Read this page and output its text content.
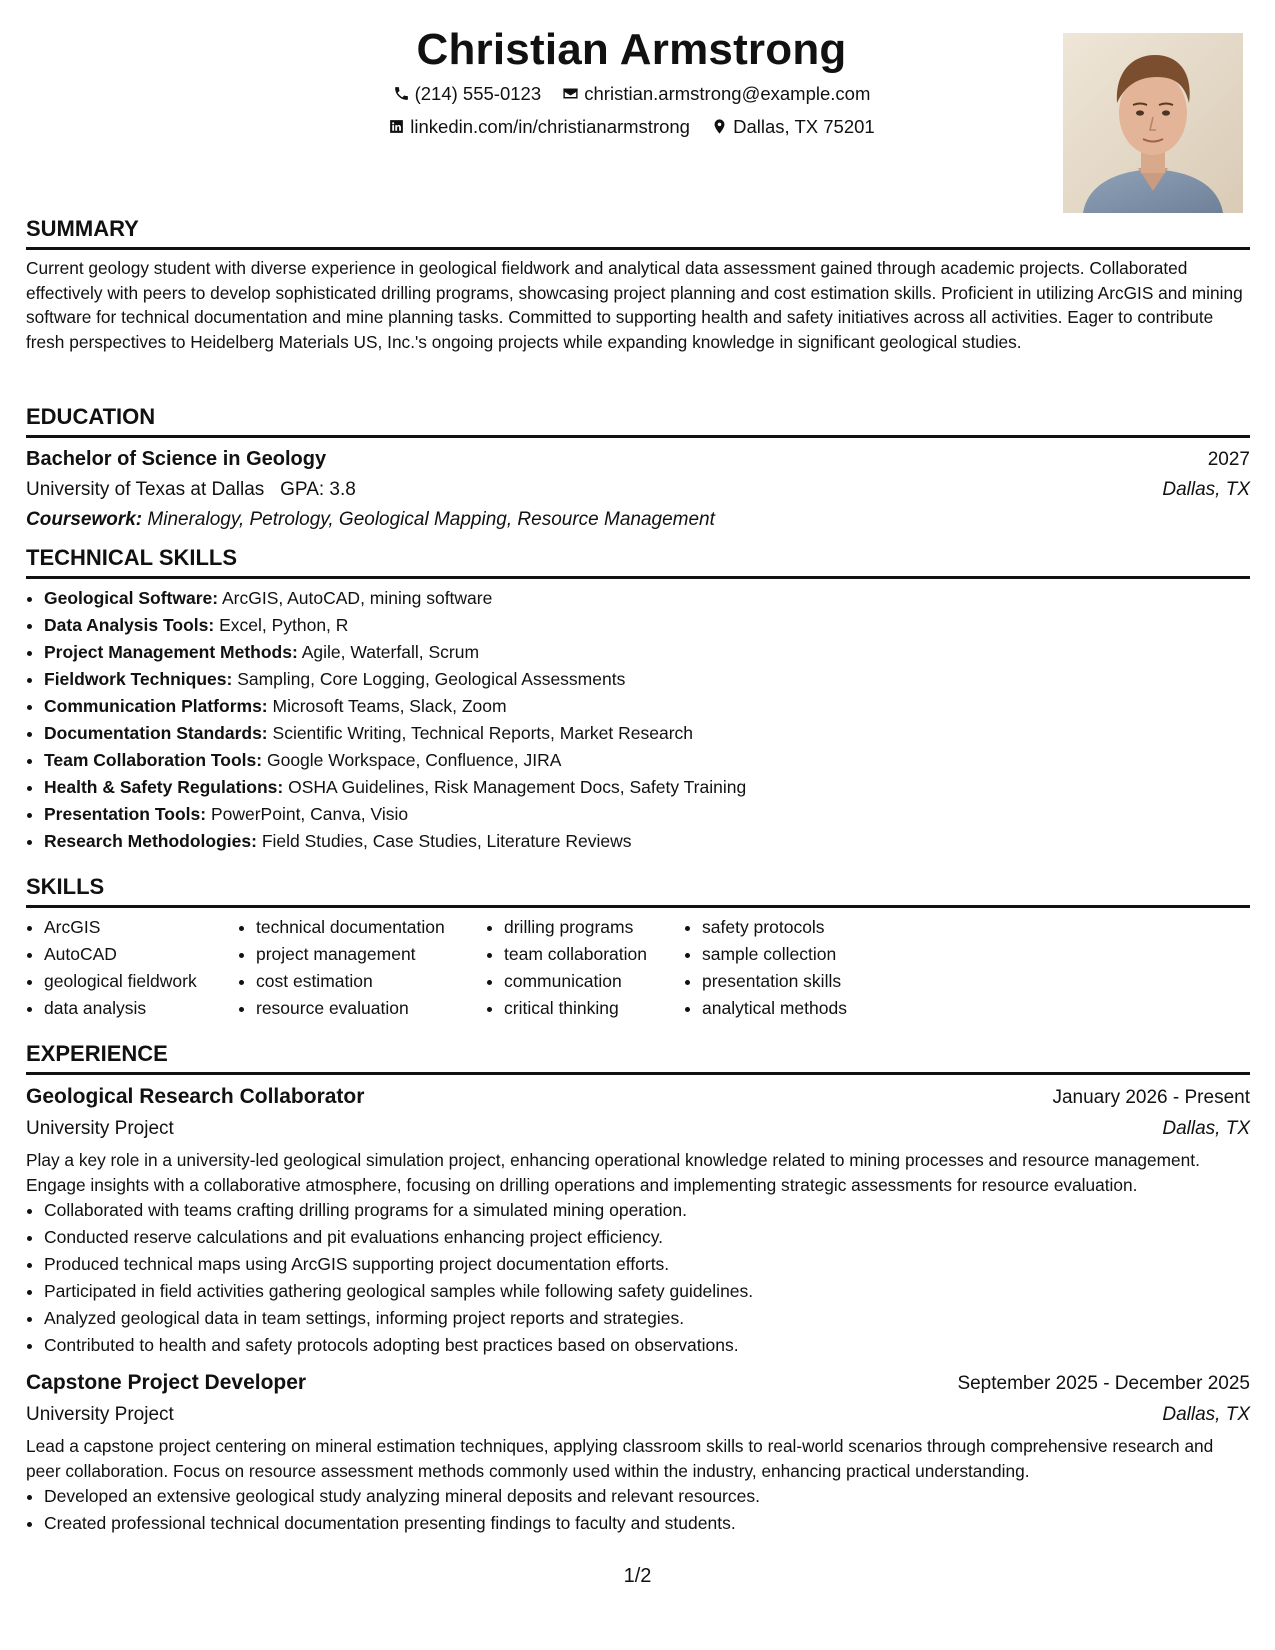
Christian Armstrong
(214) 555-0123
christian.armstrong@example.com
linkedin.com/in/christianarmstrong
Dallas, TX 75201
SUMMARY

Current geology student with diverse experience in geological fieldwork and analytical data assessment gained through academic projects. Collaborated effectively with peers to develop sophisticated drilling programs, showcasing project planning and cost estimation skills. Proficient in utilizing ArcGIS and mining software for technical documentation and mine planning tasks. Committed to supporting health and safety initiatives across all activities. Eager to contribute fresh perspectives to Heidelberg Materials US, Inc.'s ongoing projects while expanding knowledge in significant geological studies.

EDUCATION
Bachelor of Science in Geology	2027
University of Texas at Dallas GPA: 3.8	Dallas, TX
Coursework: Mineralogy, Petrology, Geological Mapping, Resource Management
TECHNICAL SKILLS
• Geological Software: ArcGIS, AutoCAD, mining software
• Data Analysis Tools: Excel, Python, R
• Project Management Methods: Agile, Waterfall, Scrum
• Fieldwork Techniques: Sampling, Core Logging, Geological Assessments
• Communication Platforms: Microsoft Teams, Slack, Zoom
• Documentation Standards: Scientific Writing, Technical Reports, Market Research
• Team Collaboration Tools: Google Workspace, Confluence, JIRA
• Health & Safety Regulations: OSHA Guidelines, Risk Management Docs, Safety Training
• Presentation Tools: PowerPoint, Canva, Visio
• Research Methodologies: Field Studies, Case Studies, Literature Reviews
SKILLS
• ArcGIS
• AutoCAD
• geological fieldwork
• data analysis
• technical documentation
• project management
• cost estimation
• resource evaluation
• drilling programs
• team collaboration
• communication
• critical thinking
• safety protocols
• sample collection
• presentation skills
• analytical methods
EXPERIENCE
Geological Research Collaborator	January 2026 - Present
University Project	Dallas, TX

Play a key role in a university-led geological simulation project, enhancing operational knowledge related to mining processes and resource management. Engage insights with a collaborative atmosphere, focusing on drilling operations and implementing strategic assessments for resource evaluation.

• Collaborated with teams crafting drilling programs for a simulated mining operation.
• Conducted reserve calculations and pit evaluations enhancing project efficiency.
• Produced technical maps using ArcGIS supporting project documentation efforts.
• Participated in field activities gathering geological samples while following safety guidelines.
• Analyzed geological data in team settings, informing project reports and strategies.
• Contributed to health and safety protocols adopting best practices based on observations.
Capstone Project Developer	September 2025 - December 2025
University Project	Dallas, TX

Lead a capstone project centering on mineral estimation techniques, applying classroom skills to real-world scenarios through comprehensive research and peer collaboration. Focus on resource assessment methods commonly used within the industry, enhancing practical understanding.

• Developed an extensive geological study analyzing mineral deposits and relevant resources.
• Created professional technical documentation presenting findings to faculty and students.
1/2
